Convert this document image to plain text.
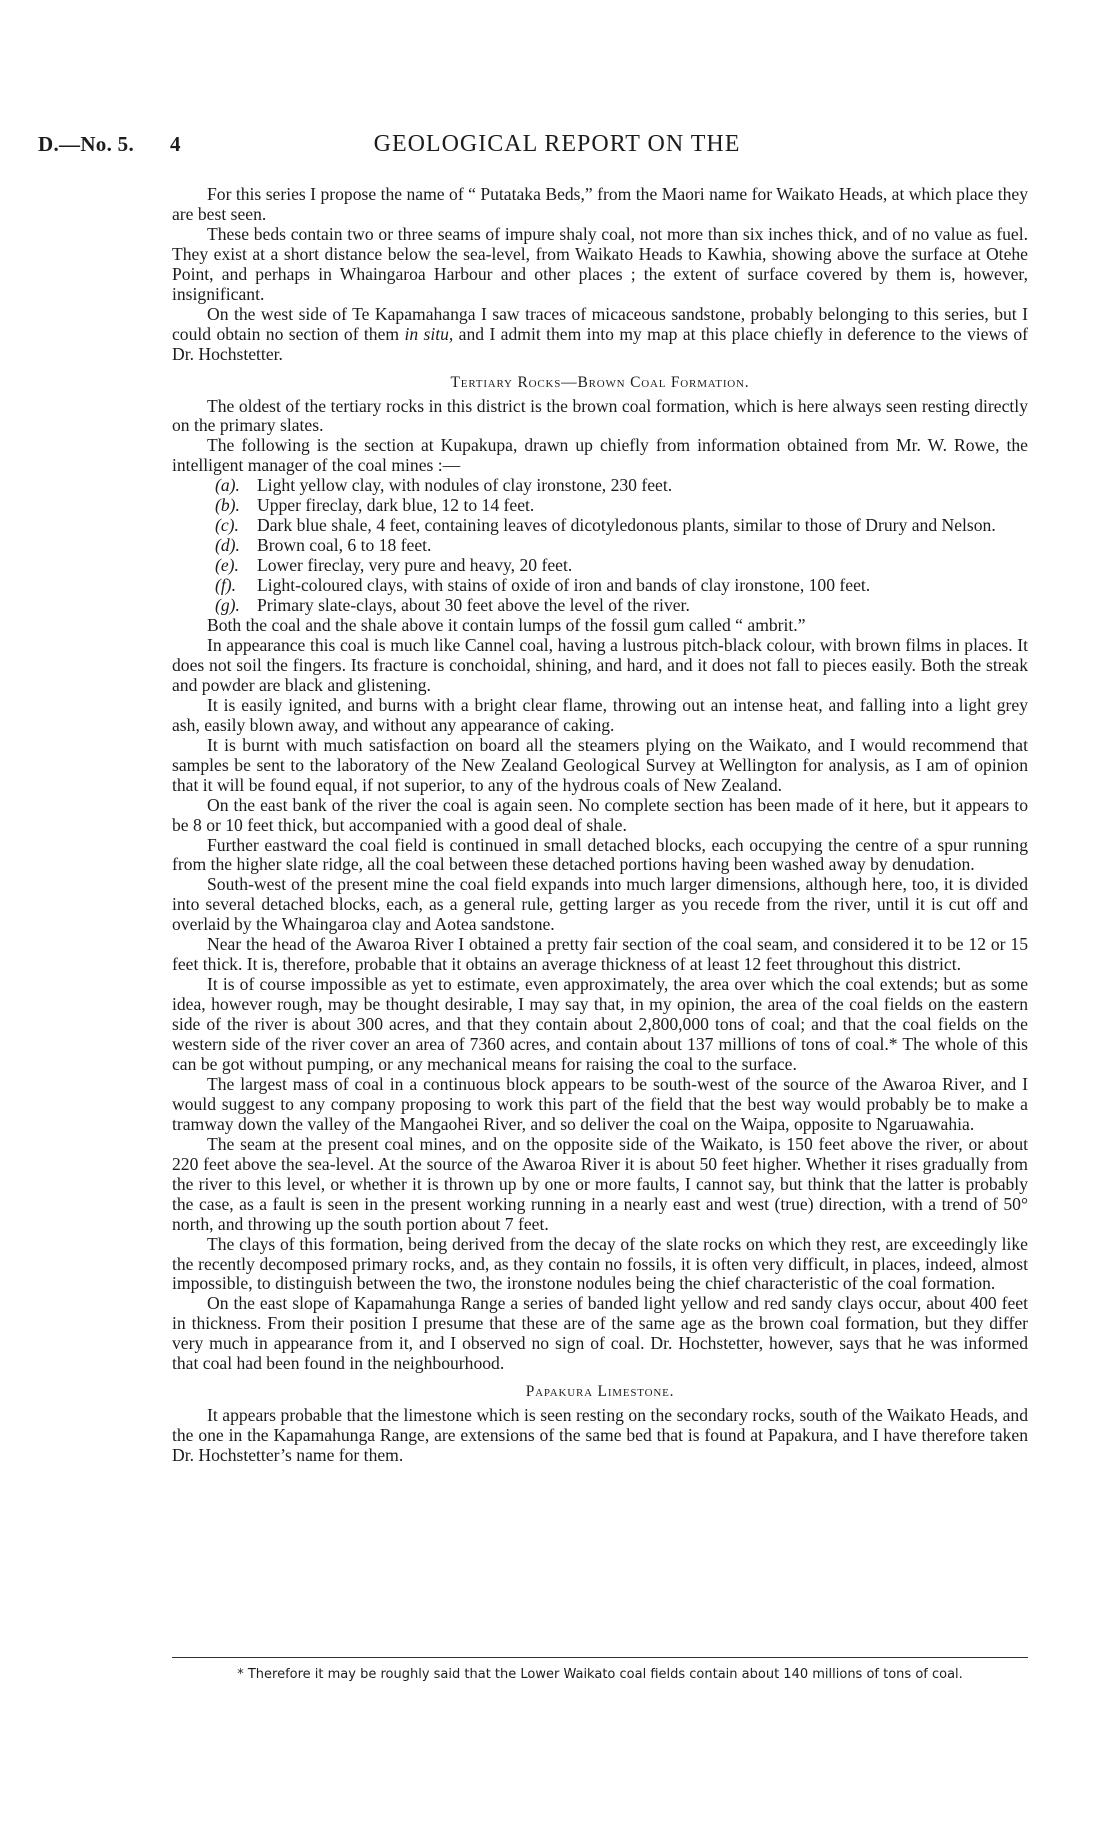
D.—No. 5. 4	GEOLOGICAL REPORT ON THE

For this series I propose the name of “ Putataka Beds,” from the Maori name for Waikato Heads, at which place they are best seen.

These beds contain two or three seams of impure shaly coal, not more than six inches thick, and of no value as fuel. They exist at a short distance below the sea-level, from Waikato Heads to Kawhia, showing above the surface at Otehe Point, and perhaps in Whaingaroa Harbour and other places ; the extent of surface covered by them is, however, insignificant.

On the west side of Te Kapamahanga I saw traces of micaceous sandstone, probably belonging to this series, but I could obtain no section of them in situ, and I admit them into my map at this place chiefly in deference to the views of Dr. Hochstetter.

Tertiary Rocks—Brown Coal Formation.

The oldest of the tertiary rocks in this district is the brown coal formation, which is here always seen resting directly on the primary slates.

The following is the section at Kupakupa, drawn up chiefly from information obtained from Mr. W. Rowe, the intelligent manager of the coal mines :—

(a). Light yellow clay, with nodules of clay ironstone, 230 feet.
(b). Upper fireclay, dark blue, 12 to 14 feet.
(c). Dark blue shale, 4 feet, containing leaves of dicotyledonous plants, similar to those of Drury and Nelson.
(d). Brown coal, 6 to 18 feet.
(e). Lower fireclay, very pure and heavy, 20 feet.
(f). Light-coloured clays, with stains of oxide of iron and bands of clay ironstone, 100 feet.
(g). Primary slate-clays, about 30 feet above the level of the river.

Both the coal and the shale above it contain lumps of the fossil gum called “ ambrit.”

In appearance this coal is much like Cannel coal, having a lustrous pitch-black colour, with brown films in places. It does not soil the fingers. Its fracture is conchoidal, shining, and hard, and it does not fall to pieces easily. Both the streak and powder are black and glistening.

It is easily ignited, and burns with a bright clear flame, throwing out an intense heat, and falling into a light grey ash, easily blown away, and without any appearance of caking.

It is burnt with much satisfaction on board all the steamers plying on the Waikato, and I would recommend that samples be sent to the laboratory of the New Zealand Geological Survey at Wellington for analysis, as I am of opinion that it will be found equal, if not superior, to any of the hydrous coals of New Zealand.

On the east bank of the river the coal is again seen. No complete section has been made of it here, but it appears to be 8 or 10 feet thick, but accompanied with a good deal of shale.

Further eastward the coal field is continued in small detached blocks, each occupying the centre of a spur running from the higher slate ridge, all the coal between these detached portions having been washed away by denudation.

South-west of the present mine the coal field expands into much larger dimensions, although here, too, it is divided into several detached blocks, each, as a general rule, getting larger as you recede from the river, until it is cut off and overlaid by the Whaingaroa clay and Aotea sandstone.

Near the head of the Awaroa River I obtained a pretty fair section of the coal seam, and considered it to be 12 or 15 feet thick. It is, therefore, probable that it obtains an average thickness of at least 12 feet throughout this district.

It is of course impossible as yet to estimate, even approximately, the area over which the coal extends; but as some idea, however rough, may be thought desirable, I may say that, in my opinion, the area of the coal fields on the eastern side of the river is about 300 acres, and that they contain about 2,800,000 tons of coal; and that the coal fields on the western side of the river cover an area of 7360 acres, and contain about 137 millions of tons of coal.* The whole of this can be got without pumping, or any mechanical means for raising the coal to the surface.

The largest mass of coal in a continuous block appears to be south-west of the source of the Awaroa River, and I would suggest to any company proposing to work this part of the field that the best way would probably be to make a tramway down the valley of the Mangaohei River, and so deliver the coal on the Waipa, opposite to Ngaruawahia.

The seam at the present coal mines, and on the opposite side of the Waikato, is 150 feet above the river, or about 220 feet above the sea-level. At the source of the Awaroa River it is about 50 feet higher. Whether it rises gradually from the river to this level, or whether it is thrown up by one or more faults, I cannot say, but think that the latter is probably the case, as a fault is seen in the present working running in a nearly east and west (true) direction, with a trend of 50° north, and throwing up the south portion about 7 feet.

The clays of this formation, being derived from the decay of the slate rocks on which they rest, are exceedingly like the recently decomposed primary rocks, and, as they contain no fossils, it is often very difficult, in places, indeed, almost impossible, to distinguish between the two, the ironstone nodules being the chief characteristic of the coal formation.

On the east slope of Kapamahunga Range a series of banded light yellow and red sandy clays occur, about 400 feet in thickness. From their position I presume that these are of the same age as the brown coal formation, but they differ very much in appearance from it, and I observed no sign of coal. Dr. Hochstetter, however, says that he was informed that coal had been found in the neighbourhood.

Papakura Limestone.

It appears probable that the limestone which is seen resting on the secondary rocks, south of the Waikato Heads, and the one in the Kapamahunga Range, are extensions of the same bed that is found at Papakura, and I have therefore taken Dr. Hochstetter’s name for them.

* Therefore it may be roughly said that the Lower Waikato coal fields contain about 140 millions of tons of coal.
